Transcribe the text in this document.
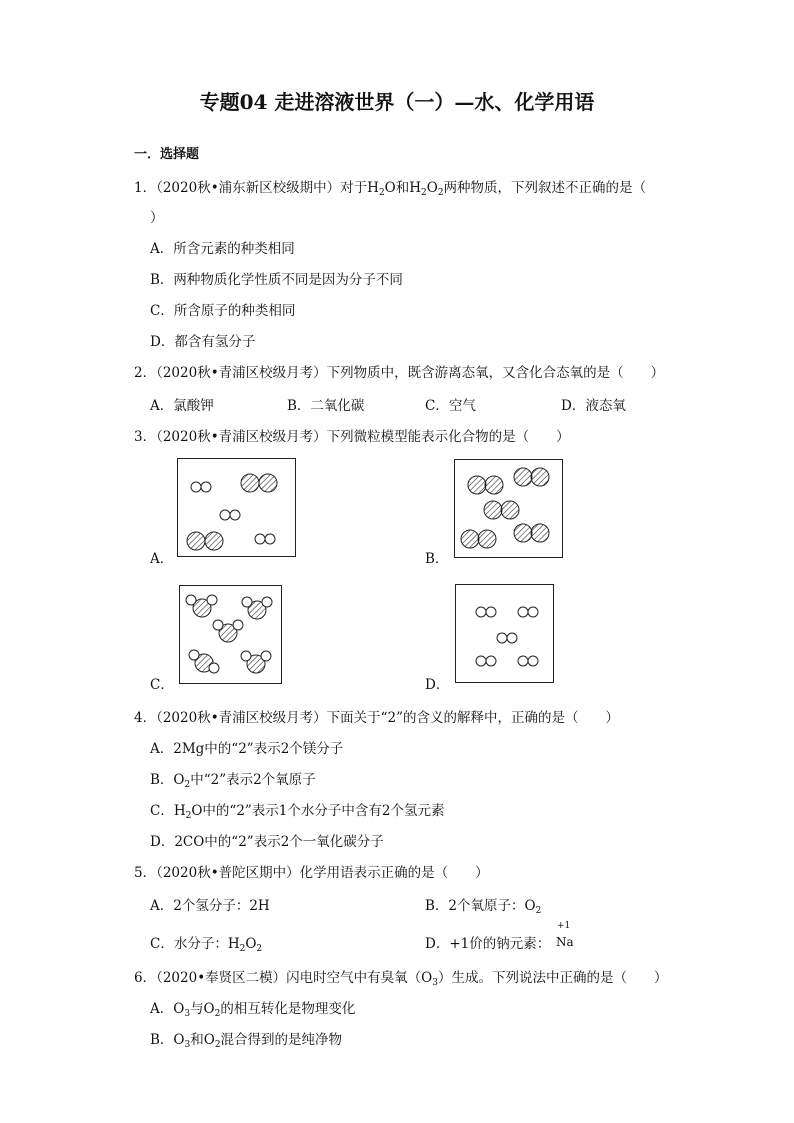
专题04 走进溶液世界（一）—水、化学用语
一．选择题
1．（2020秋•浦东新区校级期中）对于$H_2O$和$H_2O_2$两种物质，下列叙述不正确的是（
）
A．所含元素的种类相同
B．两种物质化学性质不同是因为分子不同
C．所含原子的种类相同
D．都含有氢分子
2．（2020秋•青浦区校级月考）下列物质中，既含游离态氧，又含化合态氧的是（　　）
A．氯酸钾	B．二氧化碳	C．空气	D．液态氧
3．（2020秋•青浦区校级月考）下列微粒模型能表示化合物的是（　　）
A．	B．
C．	D．
4．（2020秋•青浦区校级月考）下面关于“2”的含义的解释中，正确的是（　　）
A．2Mg中的“2”表示2个镁分子
B．$O_2$中“2”表示2个氧原子
C．$H_2O$中的“2”表示1个水分子中含有2个氢元素
D．2CO中的“2”表示2个一氧化碳分子
5．（2020秋•普陀区期中）化学用语表示正确的是（　　）
A．2个氢分子：2H	B．2个氧原子：$O_2$
C．水分子：$H_2O_2$	D．+1价的钠元素：
+1
Na
6．（2020•奉贤区二模）闪电时空气中有臭氧$(O_3)$生成。下列说法中正确的是（　　）
A．$O_3$与$O_2$的相互转化是物理变化
B．$O_3$和$O_2$混合得到的是纯净物
